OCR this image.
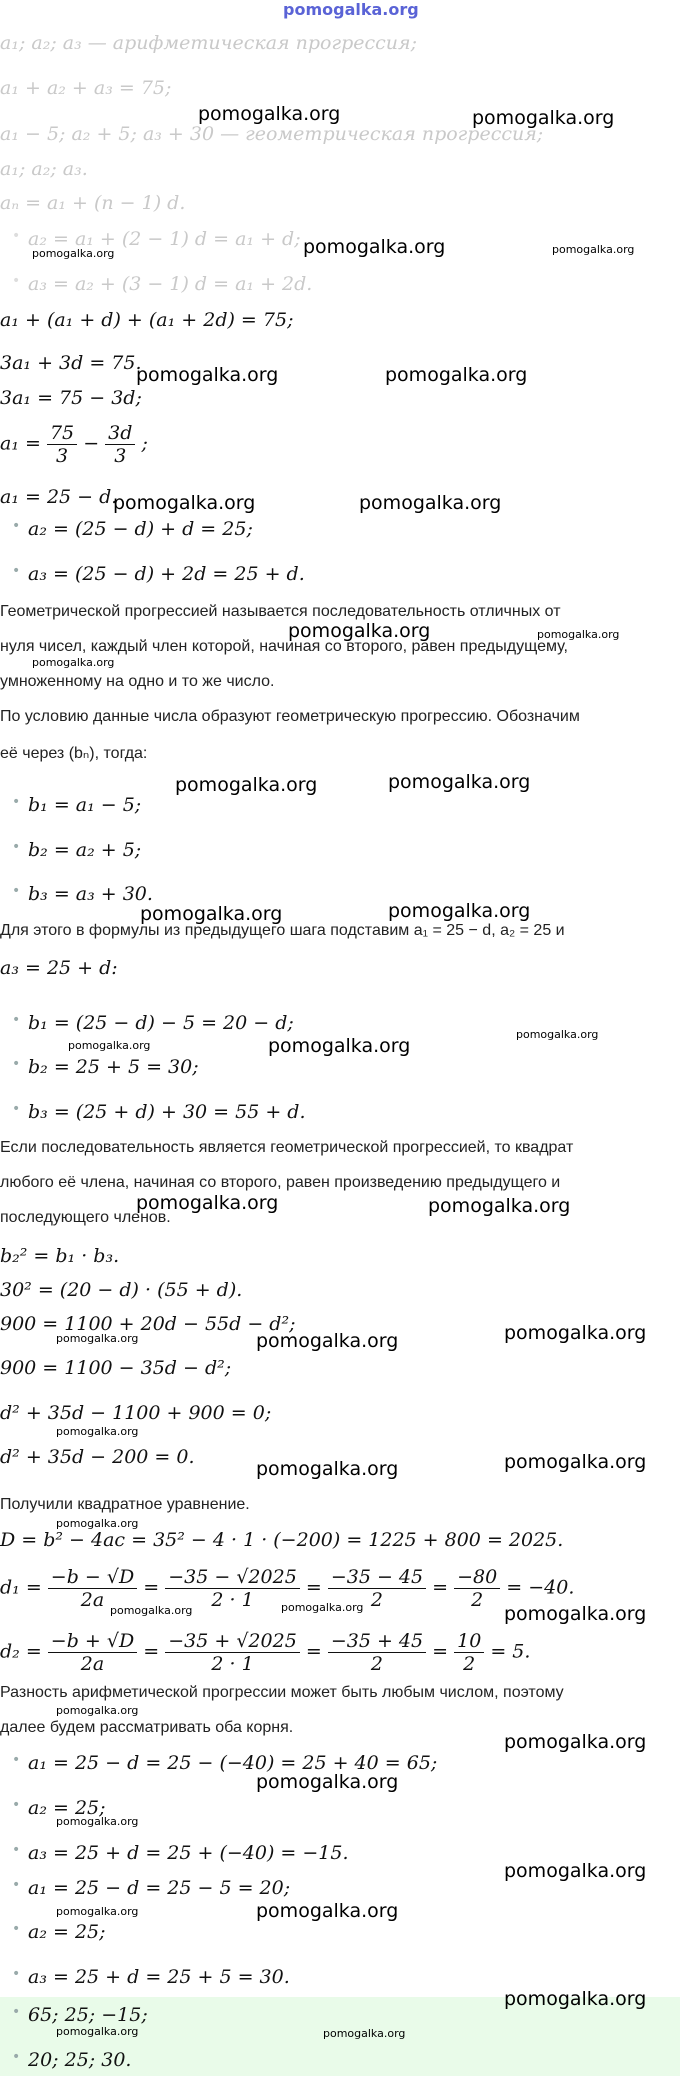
pomogalka.org
a₁; a₂; a₃ — арифметическая прогрессия;
a₁ + a₂ + a₃ = 75;
a₁ − 5; a₂ + 5; a₃ + 30 — геометрическая прогрессия;
a₁; a₂; a₃.
aₙ = a₁ + (n − 1) d.
• a₂ = a₁ + (2 − 1) d = a₁ + d;
• a₃ = a₂ + (3 − 1) d = a₁ + 2d.
a₁ + (a₁ + d) + (a₁ + 2d) = 75;
3a₁ + 3d = 75.
3a₁ = 75 − 3d;
$a_1 = \frac{75}{3} - \frac{3d}{3}$ ;
a₁ = 25 − d.
• a₂ = (25 − d) + d = 25;
• a₃ = (25 − d) + 2d = 25 + d.
Геометрической прогрессией называется последовательность отличных от
нуля чисел, каждый член которой, начиная со второго, равен предыдущему,
умноженному на одно и то же число.
По условию данные числа образуют геометрическую прогрессию. Обозначим
её через (bₙ), тогда:
• b₁ = a₁ − 5;
• b₂ = a₂ + 5;
• b₃ = a₃ + 30.
Для этого в формулы из предыдущего шага подставим a₁ = 25 − d, a₂ = 25 и
a₃ = 25 + d:
• b₁ = (25 − d) − 5 = 20 − d;
• b₂ = 25 + 5 = 30;
• b₃ = (25 + d) + 30 = 55 + d.
Если последовательность является геометрической прогрессией, то квадрат
любого её члена, начиная со второго, равен произведению предыдущего и
последующего членов.
b₂² = b₁ · b₃.
30² = (20 − d) · (55 + d).
900 = 1100 + 20d − 55d − d²;
900 = 1100 − 35d − d²;
d² + 35d − 1100 + 900 = 0;
d² + 35d − 200 = 0.
Получили квадратное уравнение.
D = b² − 4ac = 35² − 4 · 1 · (−200) = 1225 + 800 = 2025.
$d_1 = \frac{-b - √D}{2a} = \frac{-35 - √2025}{2 \cdot 1} = \frac{-35 - 45}{2} = \frac{-80}{2} = -40$.
$d_2 = \frac{-b + √D}{2a} = \frac{-35 + √2025}{2 \cdot 1} = \frac{-35 + 45}{2} = \frac{10}{2} = 5$.
Разность арифметической прогрессии может быть любым числом, поэтому
далее будем рассматривать оба корня.
• a₁ = 25 − d = 25 − (−40) = 25 + 40 = 65;
• a₂ = 25;
• a₃ = 25 + d = 25 + (−40) = −15.
• a₁ = 25 − d = 25 − 5 = 20;
• a₂ = 25;
• a₃ = 25 + d = 25 + 5 = 30.
• 65; 25; −15;
• 20; 25; 30.
pomogalka.org	pomogalka.org
pomogalka.org	pomogalka.org	pomogalka.org
pomogalka.org	pomogalka.org
pomogalka.org	pomogalka.org
pomogalka.org	pomogalka.org
pomogalka.org
pomogalka.org	pomogalka.org
pomogalka.org	pomogalka.org
pomogalka.org	pomogalka.org
pomogalka.org
pomogalka.org	pomogalka.org
pomogalka.org	pomogalka.org	pomogalka.org
pomogalka.org
pomogalka.org	pomogalka.org
pomogalka.org
pomogalka.org	pomogalka.org	pomogalka.org
pomogalka.org
pomogalka.org
pomogalka.org
pomogalka.org
pomogalka.org
pomogalka.org	pomogalka.org
pomogalka.org
pomogalka.org	pomogalka.org
